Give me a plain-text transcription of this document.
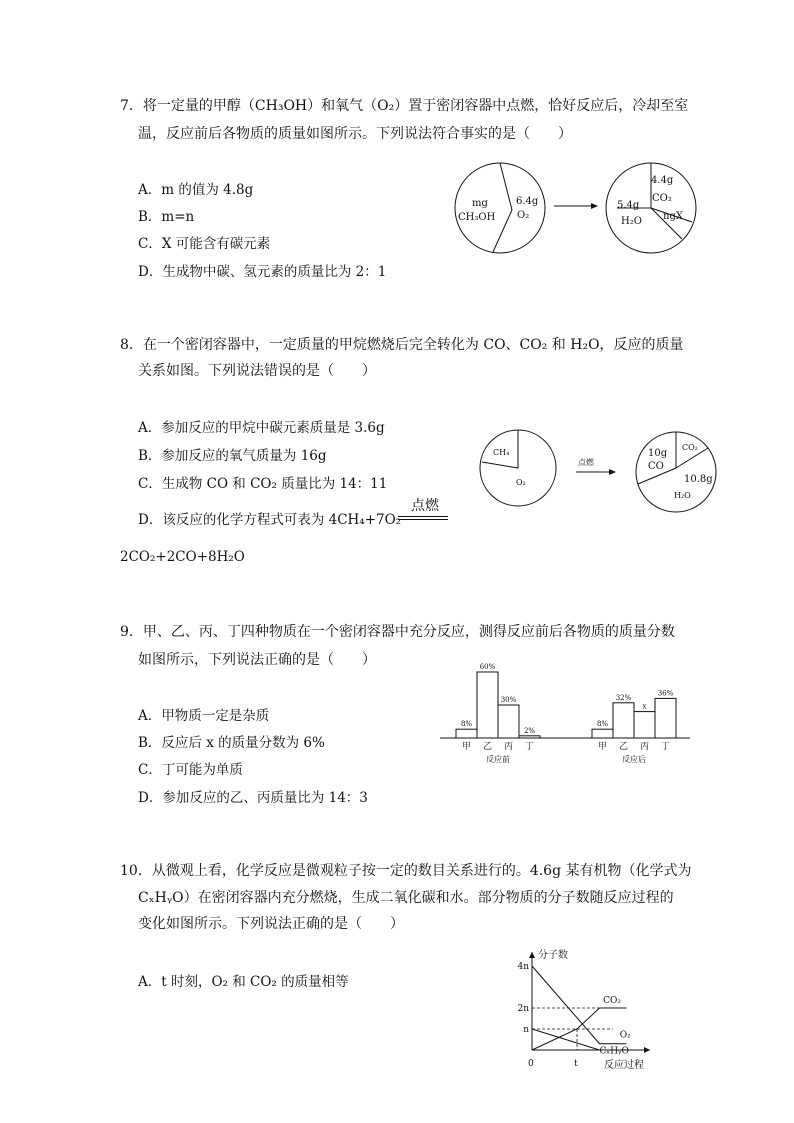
7．将一定量的甲醇（CH₃OH）和氧气（O₂）置于密闭容器中点燃，恰好反应后，冷却至室
温，反应前后各物质的质量如图所示。下列说法符合事实的是（　　）
A．m 的值为 4.8g
B．m=n
C．X 可能含有碳元素
D．生成物中碳、氢元素的质量比为 2：1
mg
CH₃OH
6.4g
O₂
4.4g
CO₂
5.4g
H₂O ngX
8．在一个密闭容器中，一定质量的甲烷燃烧后完全转化为 CO、CO₂ 和 H₂O，反应的质量
关系如图。下列说法错误的是（　　）
A．参加反应的甲烷中碳元素质量是 3.6g
B．参加反应的氧气质量为 16g
C．生成物 CO 和 CO₂ 质量比为 14：11
D．该反应的化学方程式可表为 4CH₄+7O₂
点燃
2CO₂+2CO+8H₂O
CH₄
O₂
点燃
10g
CO
CO₂
10.8g
H₂O
9．甲、乙、丙、丁四种物质在一个密闭容器中充分反应，测得反应前后各物质的质量分数
如图所示，下列说法正确的是（　　）
A．甲物质一定是杂质
B．反应后 x 的质量分数为 6%
C．丁可能为单质
D．参加反应的乙、丙质量比为 14：3
8%
甲
60%
乙
30%
丙
2%
丁
反应前
8%
甲
32%
乙
x
丙
36%
丁
反应后
10．从微观上看，化学反应是微观粒子按一定的数目关系进行的。4.6g 某有机物（化学式为
CₓHᵧO）在密闭容器内充分燃烧，生成二氧化碳和水。部分物质的分子数随反应过程的
变化如图所示。下列说法正确的是（　　）
A．t 时刻，O₂ 和 CO₂ 的质量相等
分子数
反应过程
0	t
n
2n
4n
CO₂
O₂
CₓHᵧO
